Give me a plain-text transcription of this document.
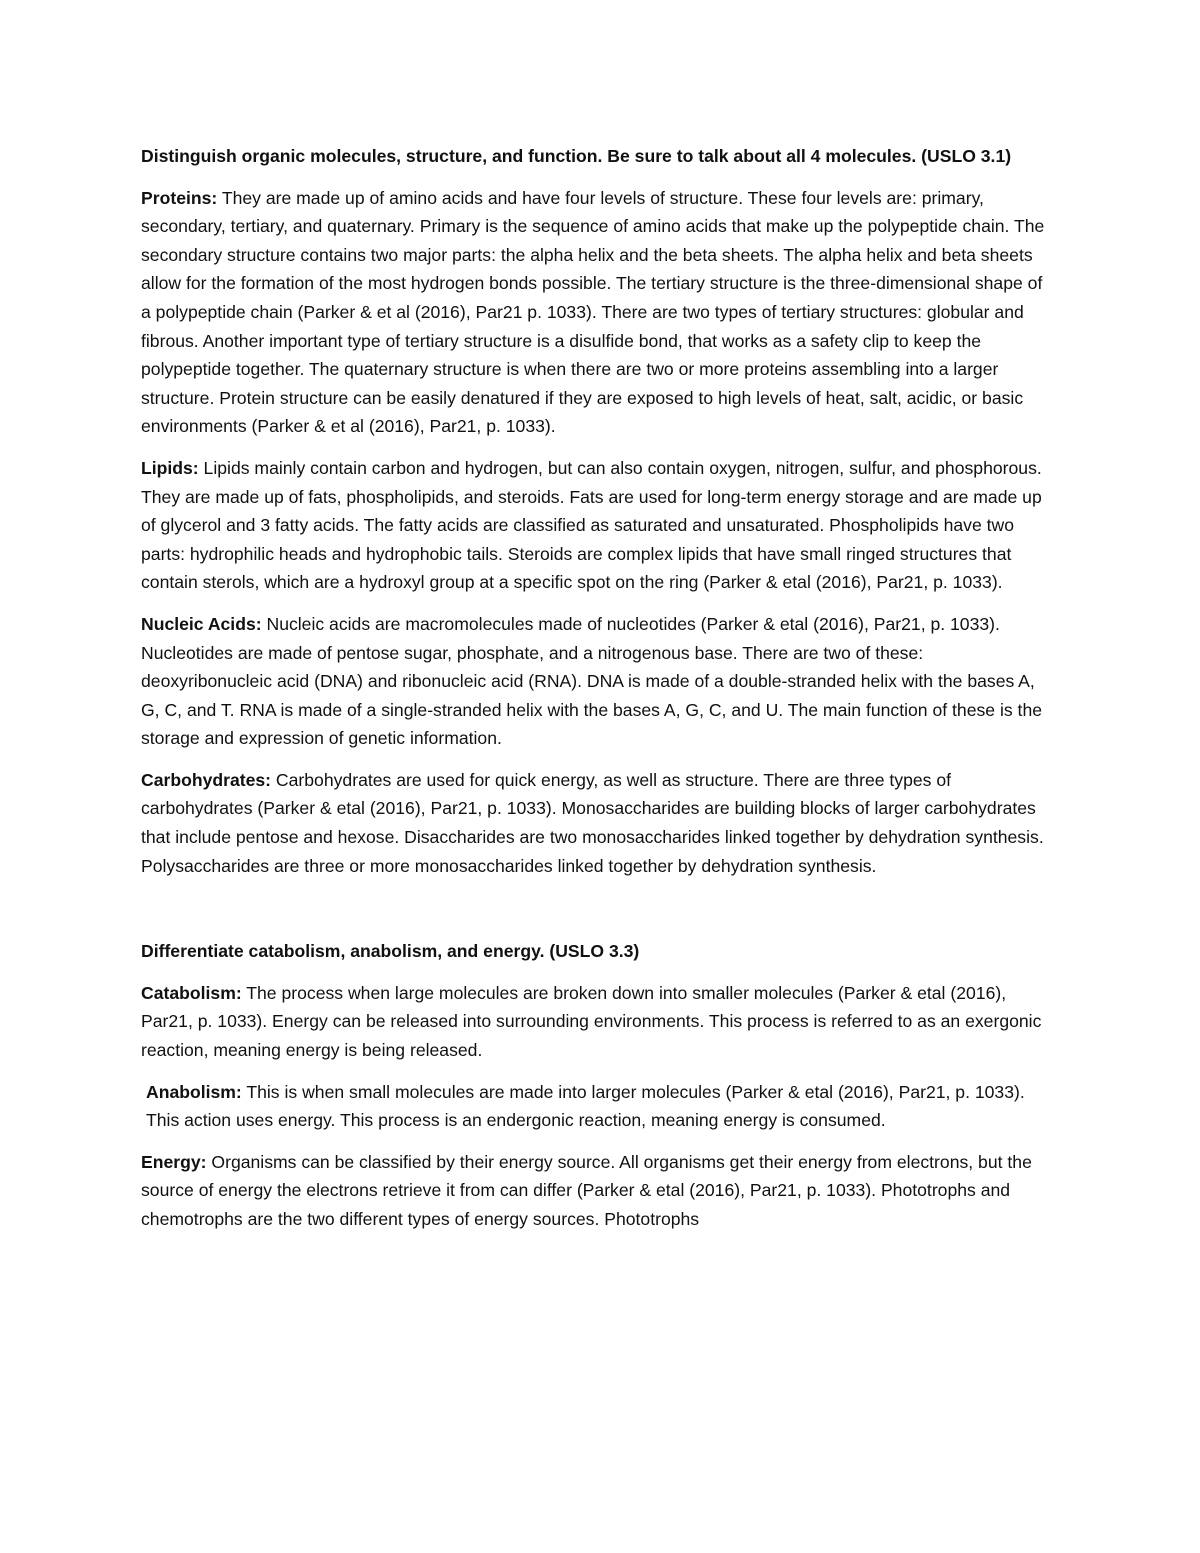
Distinguish organic molecules, structure, and function. Be sure to talk about all 4 molecules. (USLO 3.1)

Proteins: They are made up of amino acids and have four levels of structure. These four levels are: primary, secondary, tertiary, and quaternary. Primary is the sequence of amino acids that make up the polypeptide chain. The secondary structure contains two major parts: the alpha helix and the beta sheets. The alpha helix and beta sheets allow for the formation of the most hydrogen bonds possible. The tertiary structure is the three-dimensional shape of a polypeptide chain (Parker & et al (2016), Par21 p. 1033). There are two types of tertiary structures: globular and fibrous. Another important type of tertiary structure is a disulfide bond, that works as a safety clip to keep the polypeptide together. The quaternary structure is when there are two or more proteins assembling into a larger structure. Protein structure can be easily denatured if they are exposed to high levels of heat, salt, acidic, or basic environments (Parker & et al (2016), Par21, p. 1033).

Lipids: Lipids mainly contain carbon and hydrogen, but can also contain oxygen, nitrogen, sulfur, and phosphorous. They are made up of fats, phospholipids, and steroids. Fats are used for long-term energy storage and are made up of glycerol and 3 fatty acids. The fatty acids are classified as saturated and unsaturated. Phospholipids have two parts: hydrophilic heads and hydrophobic tails. Steroids are complex lipids that have small ringed structures that contain sterols, which are a hydroxyl group at a specific spot on the ring (Parker & etal (2016), Par21, p. 1033).

Nucleic Acids: Nucleic acids are macromolecules made of nucleotides (Parker & etal (2016), Par21, p. 1033). Nucleotides are made of pentose sugar, phosphate, and a nitrogenous base. There are two of these: deoxyribonucleic acid (DNA) and ribonucleic acid (RNA). DNA is made of a double-stranded helix with the bases A, G, C, and T. RNA is made of a single-stranded helix with the bases A, G, C, and U. The main function of these is the storage and expression of genetic information.

Carbohydrates: Carbohydrates are used for quick energy, as well as structure. There are three types of carbohydrates (Parker & etal (2016), Par21, p. 1033). Monosaccharides are building blocks of larger carbohydrates that include pentose and hexose. Disaccharides are two monosaccharides linked together by dehydration synthesis. Polysaccharides are three or more monosaccharides linked together by dehydration synthesis.

Differentiate catabolism, anabolism, and energy. (USLO 3.3)

Catabolism: The process when large molecules are broken down into smaller molecules (Parker & etal (2016), Par21, p. 1033). Energy can be released into surrounding environments. This process is referred to as an exergonic reaction, meaning energy is being released.

Anabolism: This is when small molecules are made into larger molecules (Parker & etal (2016), Par21, p. 1033). This action uses energy. This process is an endergonic reaction, meaning energy is consumed.

Energy: Organisms can be classified by their energy source. All organisms get their energy from electrons, but the source of energy the electrons retrieve it from can differ (Parker & etal (2016), Par21, p. 1033). Phototrophs and chemotrophs are the two different types of energy sources. Phototrophs
